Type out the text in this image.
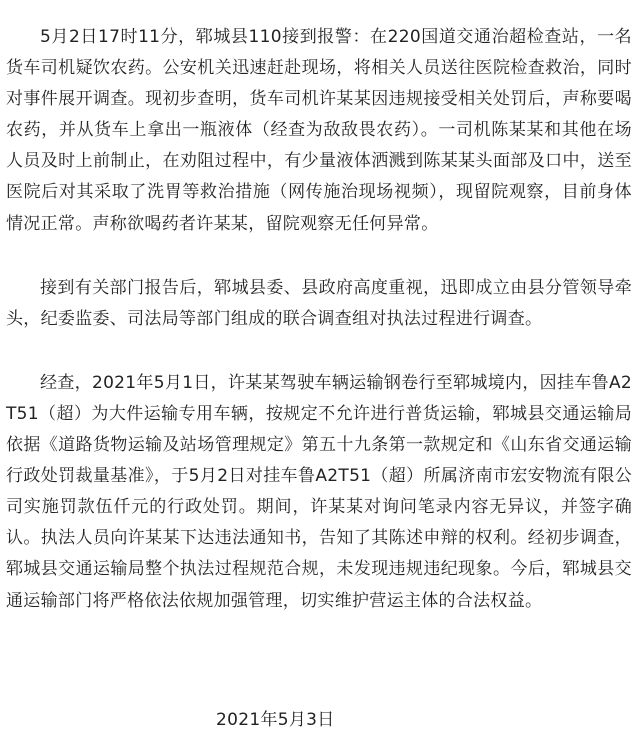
5月2日17时11分，郓城县110接到报警：在220国道交通治超检查站，一名货车司机疑饮农药。公安机关迅速赶赴现场，将相关人员送往医院检查救治，同时对事件展开调查。现初步查明，货车司机许某某因违规接受相关处罚后，声称要喝农药，并从货车上拿出一瓶液体（经查为敌敌畏农药）。一司机陈某某和其他在场人员及时上前制止，在劝阻过程中，有少量液体洒溅到陈某某头面部及口中，送至医院后对其采取了洗胃等救治措施（网传施治现场视频），现留院观察，目前身体情况正常。声称欲喝药者许某某，留院观察无任何异常。

接到有关部门报告后，郓城县委、县政府高度重视，迅即成立由县分管领导牵头，纪委监委、司法局等部门组成的联合调查组对执法过程进行调查。

经查，2021年5月1日，许某某驾驶车辆运输钢卷行至郓城境内，因挂车鲁A2T51（超）为大件运输专用车辆，按规定不允许进行普货运输，郓城县交通运输局依据《道路货物运输及站场管理规定》第五十九条第一款规定和《山东省交通运输行政处罚裁量基准》，于5月2日对挂车鲁A2T51（超）所属济南市宏安物流有限公司实施罚款伍仟元的行政处罚。期间，许某某对询问笔录内容无异议，并签字确认。执法人员向许某某下达违法通知书，告知了其陈述申辩的权利。经初步调查，郓城县交通运输局整个执法过程规范合规，未发现违规违纪现象。今后，郓城县交通运输部门将严格依法依规加强管理，切实维护营运主体的合法权益。

2021年5月3日
